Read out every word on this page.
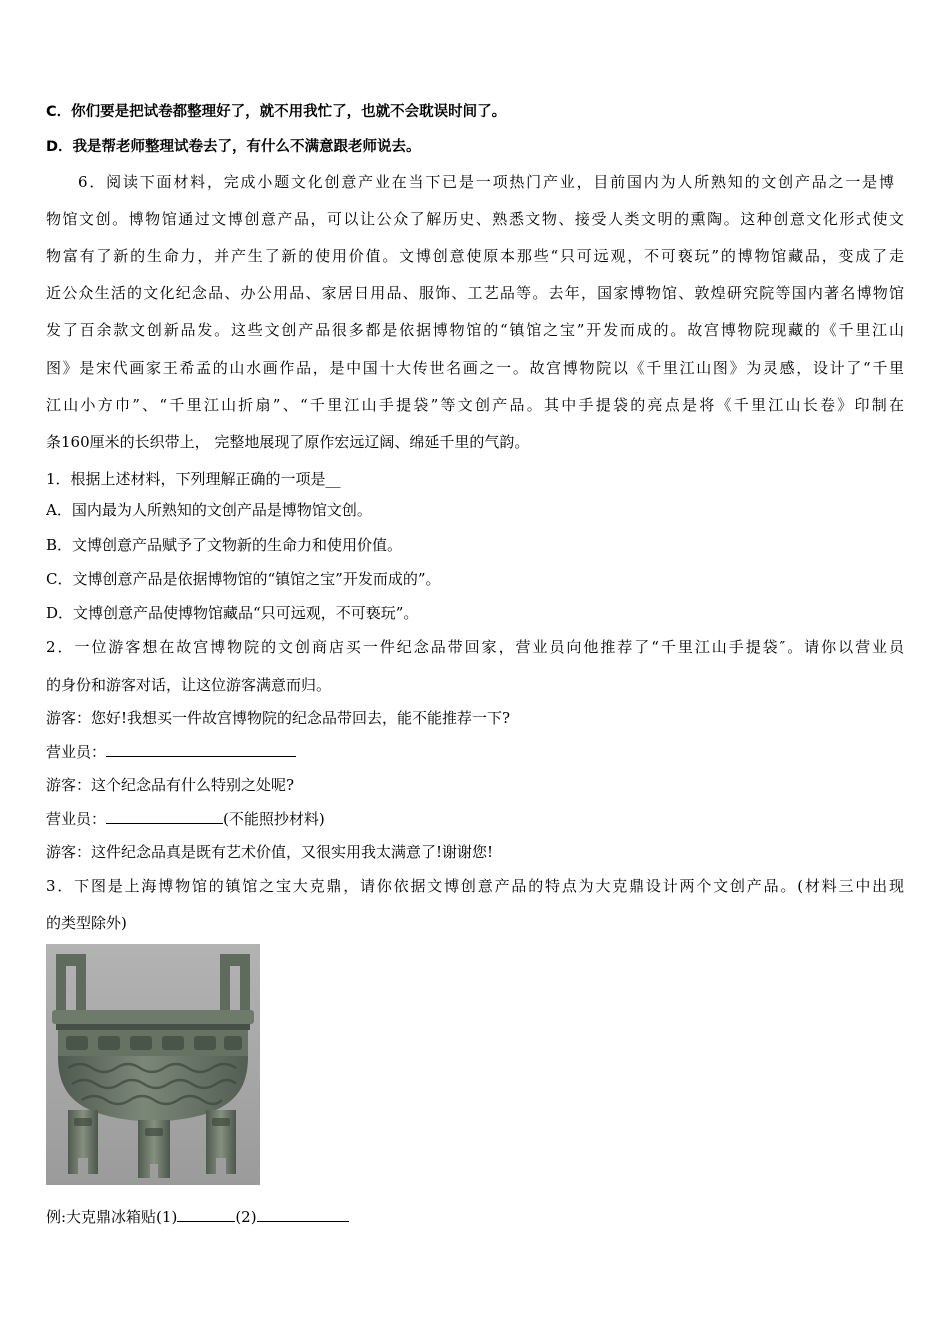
C．你们要是把试卷都整理好了，就不用我忙了，也就不会耽误时间了。
D．我是帮老师整理试卷去了，有什么不满意跟老师说去。
6．阅读下面材料，完成小题文化创意产业在当下已是一项热门产业，目前国内为人所熟知的文创产品之一是博
物馆文创。博物馆通过文博创意产品，可以让公众了解历史、熟悉文物、接受人类文明的熏陶。这种创意文化形式使文
物富有了新的生命力，并产生了新的使用价值。文博创意使原本那些“只可远观，不可亵玩”的博物馆藏品，变成了走
近公众生活的文化纪念品、办公用品、家居日用品、服饰、工艺品等。去年，国家博物馆、敦煌研究院等国内著名博物馆
发了百余款文创新品发。这些文创产品很多都是依据博物馆的“镇馆之宝”开发而成的。故宫博物院现藏的《千里江山
图》是宋代画家王希孟的山水画作品，是中国十大传世名画之一。故宫博物院以《千里江山图》为灵感，设计了“千里
江山小方巾”、“千里江山折扇”、“千里江山手提袋”等文创产品。其中手提袋的亮点是将《千里江山长卷》印制在
条160厘米的长织带上， 完整地展现了原作宏远辽阔、绵延千里的气韵。
1．根据上述材料，下列理解正确的一项是__
A．国内最为人所熟知的文创产品是博物馆文创。
B．文博创意产品赋予了文物新的生命力和使用价值。
C．文博创意产品是依据博物馆的“镇馆之宝”开发而成的”。
D．文博创意产品使博物馆藏品“只可远观，不可亵玩”。
2．一位游客想在故宫博物院的文创商店买一件纪念品带回家，营业员向他推荐了“千里江山手提袋″。请你以营业员
的身份和游客对话，让这位游客满意而归。
游客：您好!我想买一件故宫博物院的纪念品带回去，能不能推荐一下?
营业员：
游客：这个纪念品有什么特别之处呢?
营业员：	(不能照抄材料)
游客：这件纪念品真是既有艺术价值，又很实用我太满意了!谢谢您!
3．下图是上海博物馆的镇馆之宝大克鼎，请你依据文博创意产品的特点为大克鼎设计两个文创产品。(材料三中出现
的类型除外)
例:大克鼎冰箱贴(1)	(2)
